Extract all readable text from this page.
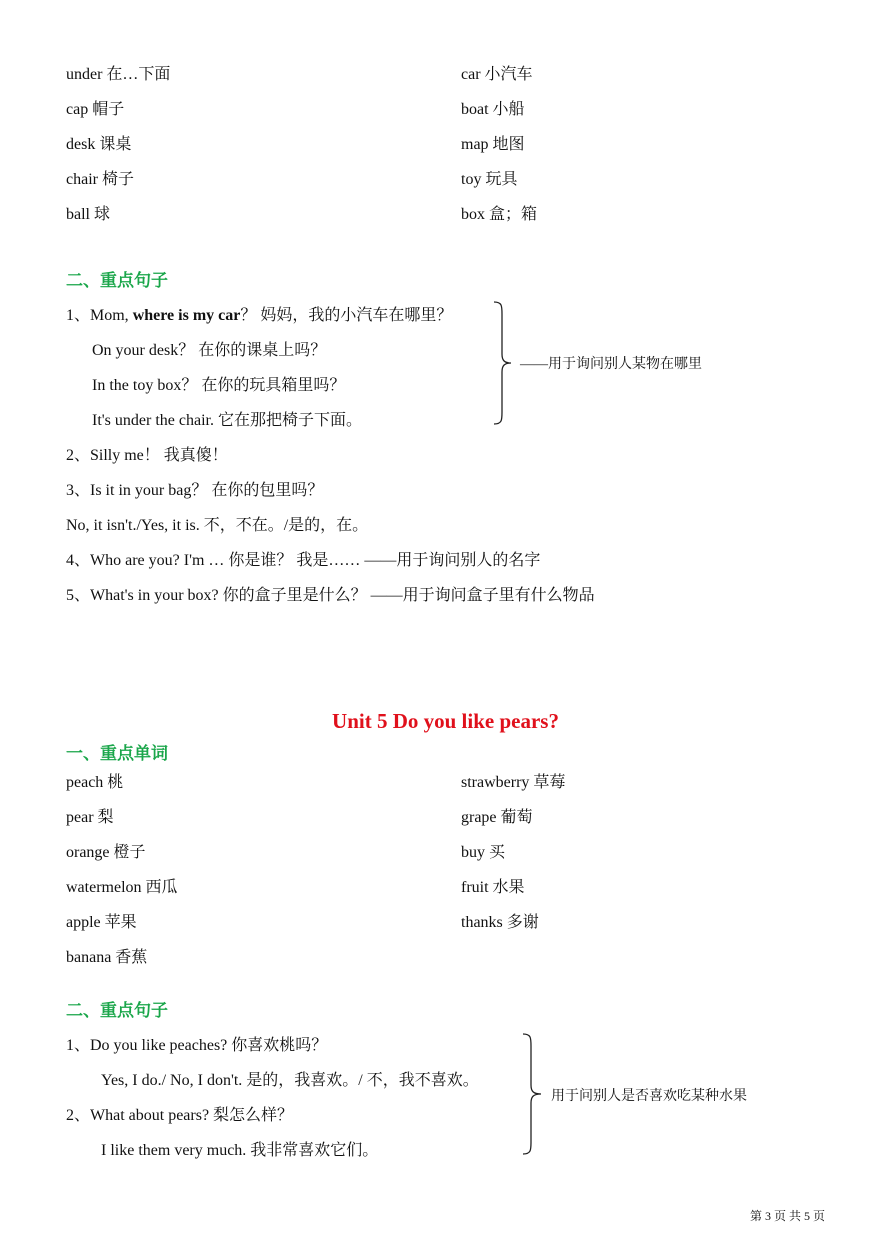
under 在…下面
cap 帽子
desk 课桌
chair 椅子
ball 球
car 小汽车
boat 小船
map 地图
toy 玩具
box 盒；箱
二、重点句子
1、Mom, where is my car？ 妈妈，我的小汽车在哪里？
On your desk？ 在你的课桌上吗？
In the toy box？ 在你的玩具箱里吗？
It's under the chair. 它在那把椅子下面。
——用于询问别人某物在哪里
2、Silly me！ 我真傻！
3、Is it in your bag？ 在你的包里吗？
No, it isn't./Yes, it is. 不，不在。/是的，在。
4、Who are you? I'm … 你是谁？ 我是…… ——用于询问别人的名字
5、What's in your box? 你的盒子里是什么？ ——用于询问盒子里有什么物品
Unit 5 Do you like pears?
一、重点单词
peach 桃
pear 梨
orange 橙子
watermelon 西瓜
apple 苹果
banana 香蕉
strawberry 草莓
grape 葡萄
buy 买
fruit 水果
thanks 多谢
二、重点句子
1、Do you like peaches? 你喜欢桃吗？
Yes, I do./ No, I don't. 是的，我喜欢。/ 不，我不喜欢。
2、What about pears? 梨怎么样？
I like them very much. 我非常喜欢它们。
用于问别人是否喜欢吃某种水果
第 3 页 共 5 页
